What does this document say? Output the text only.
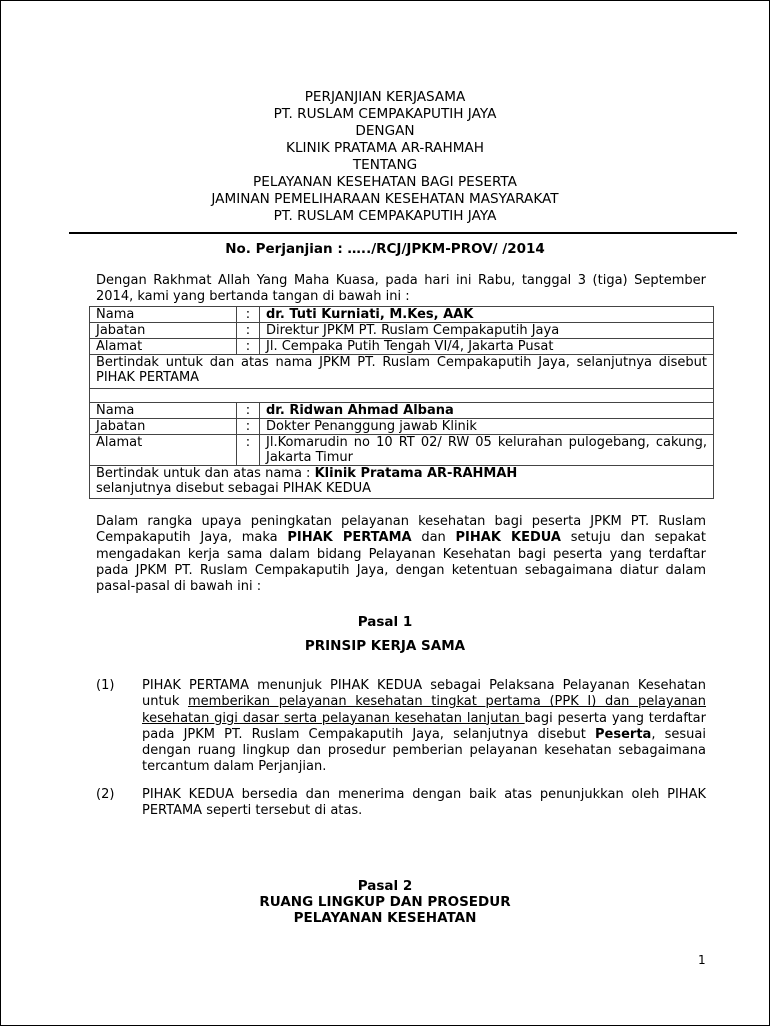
PERJANJIAN KERJASAMA
PT. RUSLAM CEMPAKAPUTIH JAYA
DENGAN
KLINIK PRATAMA AR-RAHMAH
TENTANG
PELAYANAN KESEHATAN BAGI PESERTA
JAMINAN PEMELIHARAAN KESEHATAN MASYARAKAT
PT. RUSLAM CEMPAKAPUTIH JAYA
No. Perjanjian : …../RCJ/JPKM-PROV/ /2014
Dengan Rakhmat Allah Yang Maha Kuasa, pada hari ini Rabu, tanggal 3 (tiga) September 2014, kami yang bertanda tangan di bawah ini :
Nama	:	dr. Tuti Kurniati, M.Kes, AAK
Jabatan	:	Direktur JPKM PT. Ruslam Cempakaputih Jaya
Alamat	:	Jl. Cempaka Putih Tengah VI/4, Jakarta Pusat
Bertindak untuk dan atas nama JPKM PT. Ruslam Cempakaputih Jaya, selanjutnya disebut PIHAK PERTAMA		

Nama	:	dr. Ridwan Ahmad Albana
Jabatan	:	Dokter Penanggung jawab Klinik
Alamat	:	Jl.Komarudin no 10 RT 02/ RW 05 kelurahan pulogebang, cakung, Jakarta Timur
Bertindak untuk dan atas nama : Klinik Pratama AR-RAHMAH
selanjutnya disebut sebagai PIHAK KEDUA		
Dalam rangka upaya peningkatan pelayanan kesehatan bagi peserta JPKM PT. Ruslam Cempakaputih Jaya, maka PIHAK PERTAMA dan PIHAK KEDUA setuju dan sepakat mengadakan kerja sama dalam bidang Pelayanan Kesehatan bagi peserta yang terdaftar pada JPKM PT. Ruslam Cempakaputih Jaya, dengan ketentuan sebagaimana diatur dalam pasal-pasal di bawah ini :
Pasal 1
PRINSIP KERJA SAMA
(1) PIHAK PERTAMA menunjuk PIHAK KEDUA sebagai Pelaksana Pelayanan Kesehatan untuk memberikan pelayanan kesehatan tingkat pertama (PPK I) dan pelayanan kesehatan gigi dasar serta pelayanan kesehatan lanjutan bagi peserta yang terdaftar pada JPKM PT. Ruslam Cempakaputih Jaya, selanjutnya disebut Peserta, sesuai dengan ruang lingkup dan prosedur pemberian pelayanan kesehatan sebagaimana tercantum dalam Perjanjian.
(2) PIHAK KEDUA bersedia dan menerima dengan baik atas penunjukkan oleh PIHAK PERTAMA seperti tersebut di atas.
Pasal 2
RUANG LINGKUP DAN PROSEDUR
PELAYANAN KESEHATAN
1
